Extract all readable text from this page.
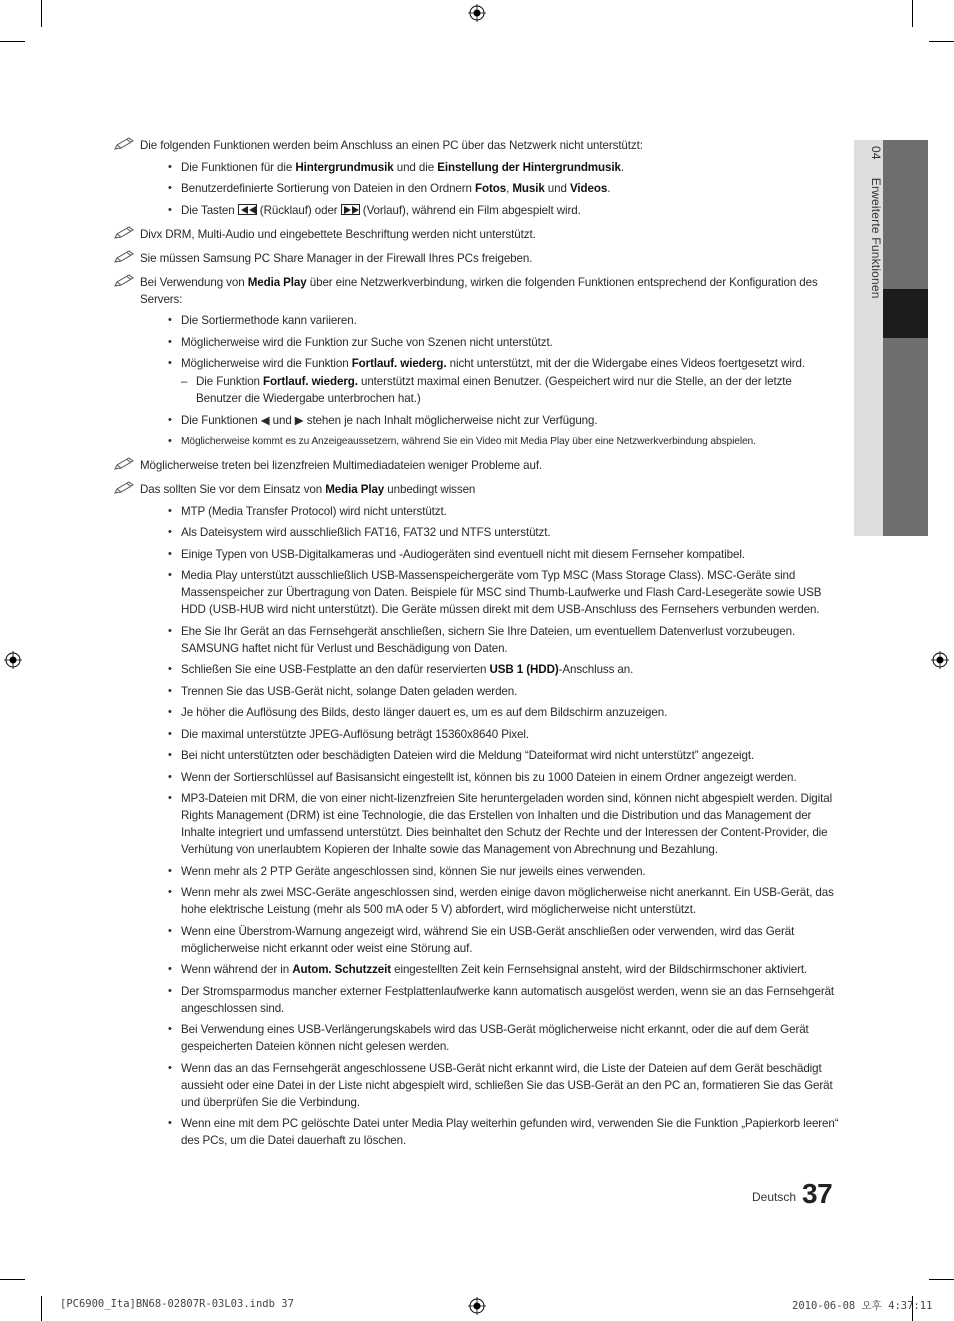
04Erweiterte Funktionen
Die folgenden Funktionen werden beim Anschluss an einen PC über das Netzwerk nicht unterstützt:
• Die Funktionen für die Hintergrundmusik und die Einstellung der Hintergrundmusik.
• Benutzerdefinierte Sortierung von Dateien in den Ordnern Fotos, Musik und Videos.
• Die Tasten
(Rücklauf) oder
(Vorlauf), während ein Film abgespielt wird.
Divx DRM, Multi-Audio und eingebettete Beschriftung werden nicht unterstützt.
Sie müssen Samsung PC Share Manager in der Firewall Ihres PCs freigeben.
Bei Verwendung von Media Play über eine Netzwerkverbindung, wirken die folgenden Funktionen entsprechend der Konfiguration des Servers:
• Die Sortiermethode kann variieren.
• Möglicherweise wird die Funktion zur Suche von Szenen nicht unterstützt.
• Möglicherweise wird die Funktion Fortlauf. wiederg. nicht unterstützt, mit der die Widergabe eines Videos foertgesetzt wird.
– Die Funktion Fortlauf. wiederg. unterstützt maximal einen Benutzer. (Gespeichert wird nur die Stelle, an der der letzte Benutzer die Wiedergabe unterbrochen hat.)
• Die Funktionen ◀ und ▶ stehen je nach Inhalt möglicherweise nicht zur Verfügung.
• Möglicherweise kommt es zu Anzeigeaussetzern, während Sie ein Video mit Media Play über eine Netzwerkverbindung abspielen.
Möglicherweise treten bei lizenzfreien Multimediadateien weniger Probleme auf.
Das sollten Sie vor dem Einsatz von Media Play unbedingt wissen
• MTP (Media Transfer Protocol) wird nicht unterstützt.
• Als Dateisystem wird ausschließlich FAT16, FAT32 und NTFS unterstützt.
• Einige Typen von USB-Digitalkameras und -Audiogeräten sind eventuell nicht mit diesem Fernseher kompatibel.
• Media Play unterstützt ausschließlich USB-Massenspeichergeräte vom Typ MSC (Mass Storage Class). MSC-Geräte sind Massenspeicher zur Übertragung von Daten. Beispiele für MSC sind Thumb-Laufwerke und Flash Card-Lesegeräte sowie USB HDD (USB-HUB wird nicht unterstützt). Die Geräte müssen direkt mit dem USB-Anschluss des Fernsehers verbunden werden.
• Ehe Sie Ihr Gerät an das Fernsehgerät anschließen, sichern Sie Ihre Dateien, um eventuellem Datenverlust vorzubeugen. SAMSUNG haftet nicht für Verlust und Beschädigung von Daten.
• Schließen Sie eine USB-Festplatte an den dafür reservierten USB 1 (HDD)-Anschluss an.
• Trennen Sie das USB-Gerät nicht, solange Daten geladen werden.
• Je höher die Auflösung des Bilds, desto länger dauert es, um es auf dem Bildschirm anzuzeigen.
• Die maximal unterstützte JPEG-Auflösung beträgt 15360x8640 Pixel.
• Bei nicht unterstützten oder beschädigten Dateien wird die Meldung “Dateiformat wird nicht unterstützt” angezeigt.
• Wenn der Sortierschlüssel auf Basisansicht eingestellt ist, können bis zu 1000 Dateien in einem Ordner angezeigt werden.
• MP3-Dateien mit DRM, die von einer nicht-lizenzfreien Site heruntergeladen worden sind, können nicht abgespielt werden. Digital Rights Management (DRM) ist eine Technologie, die das Erstellen von Inhalten und die Distribution und das Management der Inhalte integriert und umfassend unterstützt. Dies beinhaltet den Schutz der Rechte und der Interessen der Content-Provider, die Verhütung von unerlaubtem Kopieren der Inhalte sowie das Management von Abrechnung und Bezahlung.
• Wenn mehr als 2 PTP Geräte angeschlossen sind, können Sie nur jeweils eines verwenden.
• Wenn mehr als zwei MSC-Geräte angeschlossen sind, werden einige davon möglicherweise nicht anerkannt. Ein USB-Gerät, das hohe elektrische Leistung (mehr als 500 mA oder 5 V) abfordert, wird möglicherweise nicht unterstützt.
• Wenn eine Überstrom-Warnung angezeigt wird, während Sie ein USB-Gerät anschließen oder verwenden, wird das Gerät möglicherweise nicht erkannt oder weist eine Störung auf.
• Wenn während der in Autom. Schutzzeit eingestellten Zeit kein Fernsehsignal ansteht, wird der Bildschirmschoner aktiviert.
• Der Stromsparmodus mancher externer Festplattenlaufwerke kann automatisch ausgelöst werden, wenn sie an das Fernsehgerät angeschlossen sind.
• Bei Verwendung eines USB-Verlängerungskabels wird das USB-Gerät möglicherweise nicht erkannt, oder die auf dem Gerät gespeicherten Dateien können nicht gelesen werden.
• Wenn das an das Fernsehgerät angeschlossene USB-Gerät nicht erkannt wird, die Liste der Dateien auf dem Gerät beschädigt aussieht oder eine Datei in der Liste nicht abgespielt wird, schließen Sie das USB-Gerät an den PC an, formatieren Sie das Gerät und überprüfen Sie die Verbindung.
• Wenn eine mit dem PC gelöschte Datei unter Media Play weiterhin gefunden wird, verwenden Sie die Funktion „Papierkorb leeren“ des PCs, um die Datei dauerhaft zu löschen.
Deutsch 37
[PC6900_Ita]BN68-02807R-03L03.indb 37	2010-06-08 오후 4:37:11
